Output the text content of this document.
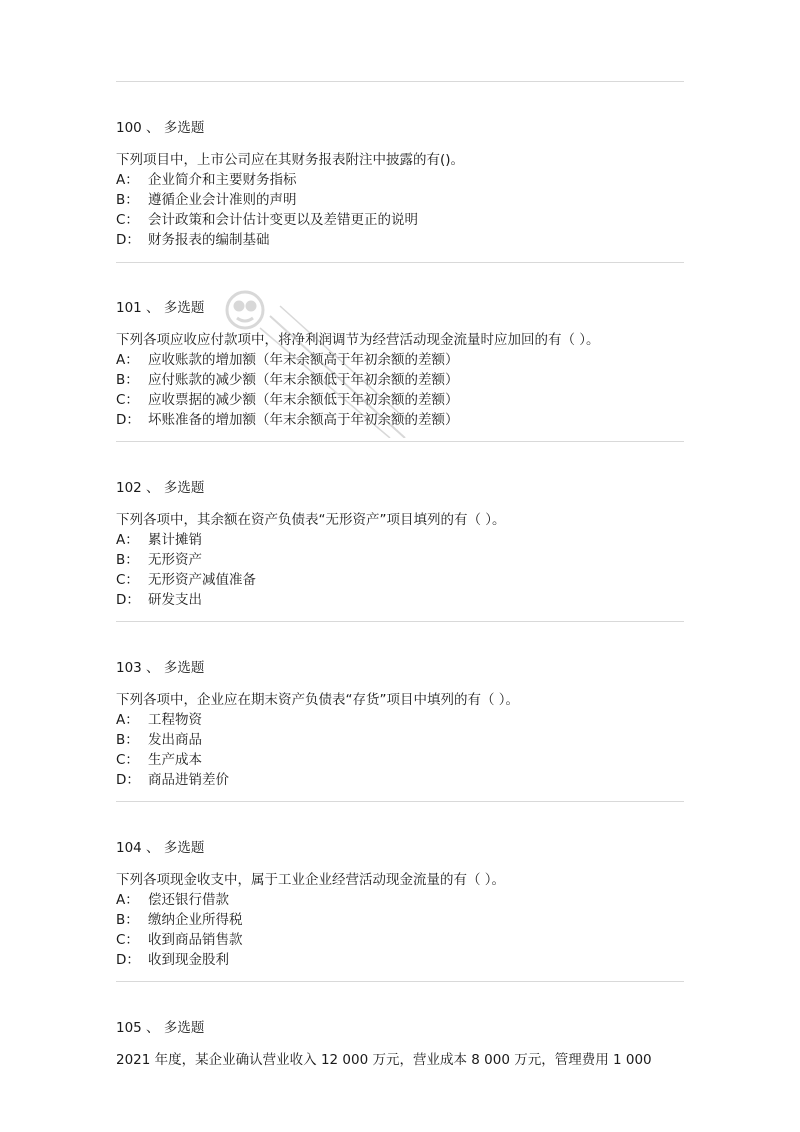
100 、 多选题
下列项目中，上市公司应在其财务报表附注中披露的有()。
A： 企业简介和主要财务指标
B： 遵循企业会计准则的声明
C： 会计政策和会计估计变更以及差错更正的说明
D： 财务报表的编制基础
101 、 多选题
下列各项应收应付款项中，将净利润调节为经营活动现金流量时应加回的有（ ）。
A： 应收账款的增加额（年末余额高于年初余额的差额）
B： 应付账款的减少额（年末余额低于年初余额的差额）
C： 应收票据的减少额（年末余额低于年初余额的差额）
D： 坏账准备的增加额（年末余额高于年初余额的差额）
102 、 多选题
下列各项中，其余额在资产负债表“无形资产”项目填列的有（ ）。
A： 累计摊销
B： 无形资产
C： 无形资产减值准备
D： 研发支出
103 、 多选题
下列各项中，企业应在期末资产负债表“存货”项目中填列的有（ ）。
A： 工程物资
B： 发出商品
C： 生产成本
D： 商品进销差价
104 、 多选题
下列各项现金收支中，属于工业企业经营活动现金流量的有（ ）。
A： 偿还银行借款
B： 缴纳企业所得税
C： 收到商品销售款
D： 收到现金股利
105 、 多选题
2021 年度，某企业确认营业收入 12 000 万元，营业成本 8 000 万元，管理费用 1 000
